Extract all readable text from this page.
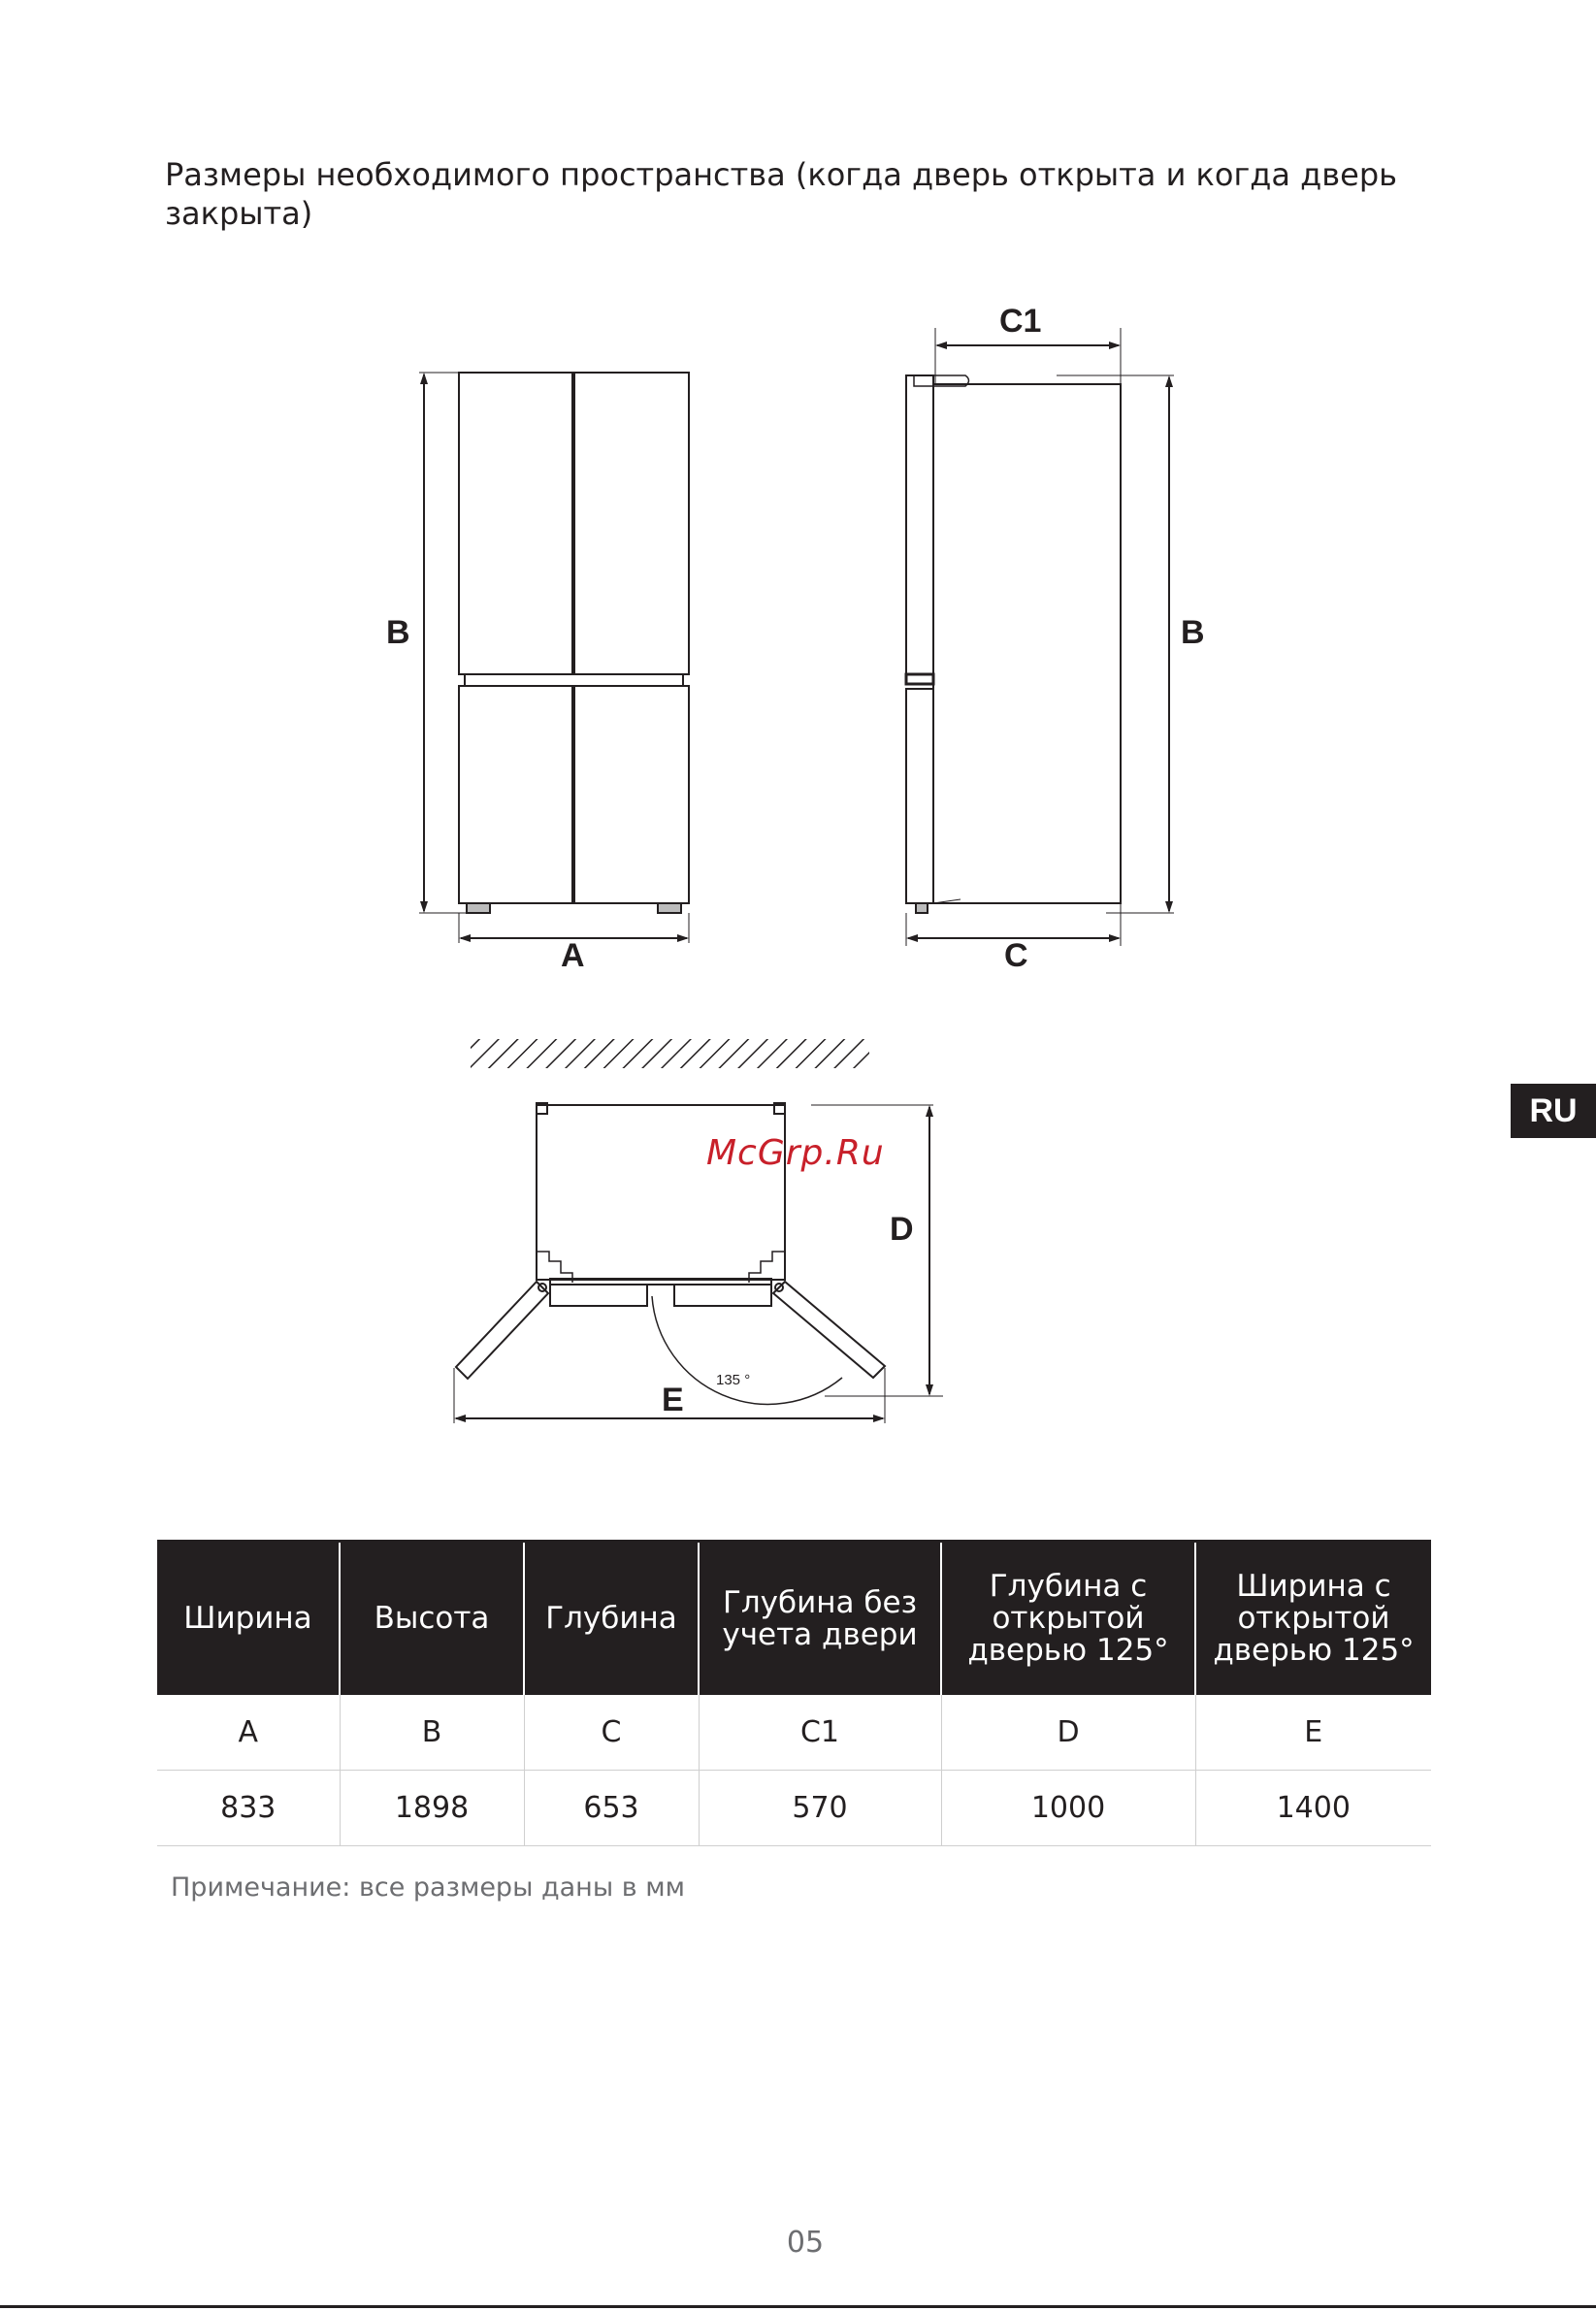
Размеры необходимого пространства (когда дверь открыта и когда дверь закрыта)
B
A
C1
B
C
D
E
135 °
McGrp.Ru
RU
Ширина	Высота	Глубина	Глубина без учета двери	Глубина с открытой дверью 125°	Ширина с открытой дверью 125°
A	B	C	C1	D	E
833	1898	653	570	1000	1400
Примечание: все размеры даны в мм
05
